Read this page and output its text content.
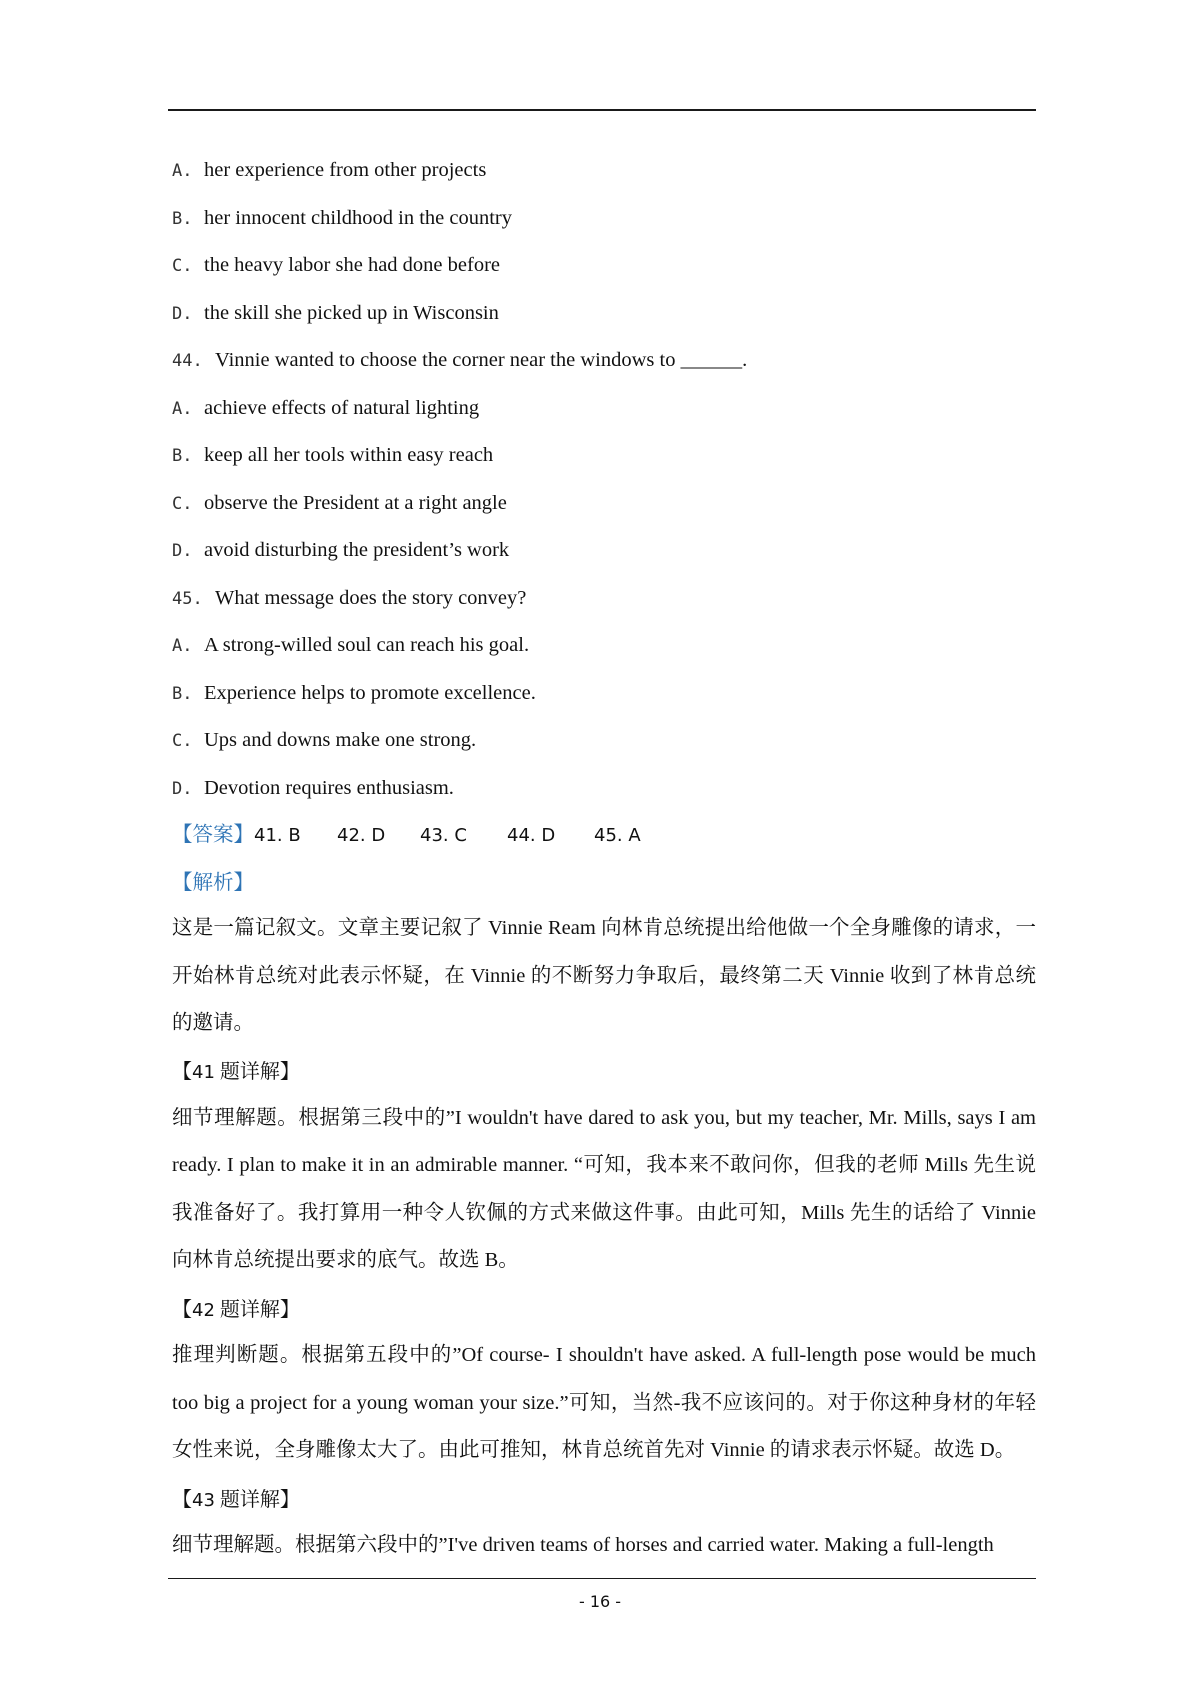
A. her experience from other projects
B. her innocent childhood in the country
C. the heavy labor she had done before
D. the skill she picked up in Wisconsin
44. Vinnie wanted to choose the corner near the windows to ______.
A. achieve effects of natural lighting
B. keep all her tools within easy reach
C. observe the President at a right angle
D. avoid disturbing the president’s work
45. What message does the story convey?
A. A strong-willed soul can reach his goal.
B. Experience helps to promote excellence.
C. Ups and downs make one strong.
D. Devotion requires enthusiasm.
【答案】41. B 42. D 43. C 44. D 45. A
【解析】
这是一篇记叙文。文章主要记叙了 Vinnie Ream 向林肯总统提出给他做一个全身雕像的请求，一开始林肯总统对此表示怀疑，在 Vinnie 的不断努力争取后，最终第二天 Vinnie 收到了林肯总统的邀请。
【41 题详解】
细节理解题。根据第三段中的”I wouldn't have dared to ask you, but my teacher, Mr. Mills, says I am ready. I plan to make it in an admirable manner. “可知，我本来不敢问你，但我的老师 Mills 先生说我准备好了。我打算用一种令人钦佩的方式来做这件事。由此可知，Mills 先生的话给了 Vinnie 向林肯总统提出要求的底气。故选 B。
【42 题详解】
推理判断题。根据第五段中的”Of course- I shouldn't have asked. A full-length pose would be much too big a project for a young woman your size.”可知，当然-我不应该问的。对于你这种身材的年轻女性来说，全身雕像太大了。由此可推知，林肯总统首先对 Vinnie 的请求表示怀疑。故选 D。
【43 题详解】
细节理解题。根据第六段中的”I've driven teams of horses and carried water. Making a full-length
- 16 -
